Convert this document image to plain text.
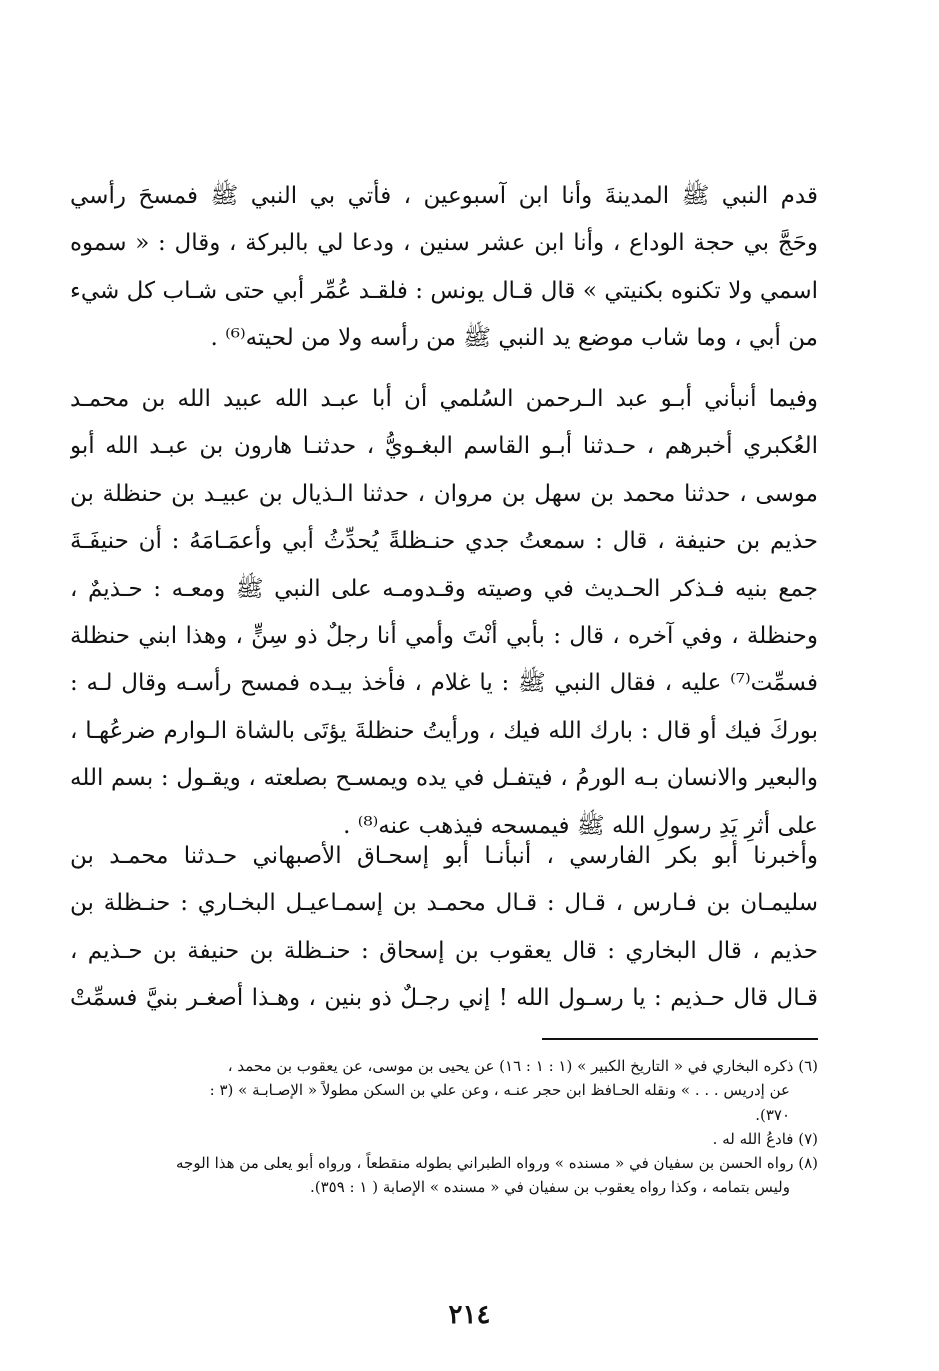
قدم النبي ﷺ المدينةَ وأنا ابن آسبوعين ، فأتي بي النبي ﷺ فمسحَ رأسي
وحَجَّ بي حجة الوداع ، وأنا ابن عشر سنين ، ودعا لي بالبركة ، وقال : « سموه
اسمي ولا تكنوه بكنيتي » قال قـال يونس : فلقـد عُمِّر أبي حتى شـاب كل شيء
من أبي ، وما شاب موضع يد النبي ﷺ من رأسه ولا من لحيته⁽⁶⁾ .
وفيما أنبأني أبـو عبد الـرحمن السُلمي أن أبا عبـد الله عبيد الله بن محمـد
العُكبري أخبرهم ، حـدثنا أبـو القاسم البغـويُّ ، حدثنـا هارون بن عبـد الله أبو
موسى ، حدثنا محمد بن سهل بن مروان ، حدثنا الـذيال بن عبيـد بن حنظلة بن
حذيم بن حنيفة ، قال : سمعتُ جدي حنـظلةً يُحدِّثُ أبي وأعمَـامَهُ : أن حنيفَـةَ
جمع بنيه فـذكر الحـديث في وصيته وقـدومـه على النبي ﷺ ومعـه : حـذيمٌ ،
وحنظلة ، وفي آخره ، قال : بأبي أنْتَ وأمي أنا رجلٌ ذو سِنٍّ ، وهذا ابني حنظلة
فسمِّت⁽⁷⁾ عليه ، فقال النبي ﷺ : يا غلام ، فأخذ بيـده فمسح رأسـه وقال لـه :
بوركَ فيك أو قال : بارك الله فيك ، ورأيتُ حنظلةَ يؤتَى بالشاة الـوارم ضرعُهـا ،
والبعير والانسان بـه الورمُ ، فيتفـل في يده ويمسـح بصلعته ، ويقـول : بسم الله
على أثرِ يَدِ رسولِ الله ﷺ فيمسحه فيذهب عنه⁽⁸⁾ .
وأخبرنا أبو بكر الفارسي ، أنبأنـا أبو إسحـاق الأصبهاني حـدثنا محمـد بن
سليمـان بن فـارس ، قـال : قـال محمـد بن إسمـاعيـل البخـاري : حنـظلة بن
حذيم ، قال البخاري : قال يعقوب بن إسحاق : حنـظلة بن حنيفة بن حـذيم ،
قـال قال حـذيم : يا رسـول الله ! إني رجـلٌ ذو بنين ، وهـذا أصغـر بنيَّ فسمِّتْ
(٦) ذكره البخاري في « التاريخ الكبير » (١ : ١ : ١٦) عن يحيى بن موسى، عن يعقوب بن محمد ،
عن إدريس . . . » ونقله الحـافظ ابن حجر عنـه ، وعن علي بن السكن مطولاً « الإصـابـة » (٣ :
٣٧٠).
(٧) فادعُ الله له .
(٨) رواه الحسن بن سفيان في « مسنده » ورواه الطبراني بطوله منقطعاً ، ورواه أبو يعلى من هذا الوجه
وليس بتمامه ، وكذا رواه يعقوب بن سفيان في « مسنده » الإصابة ( ١ : ٣٥٩).
٢١٤
